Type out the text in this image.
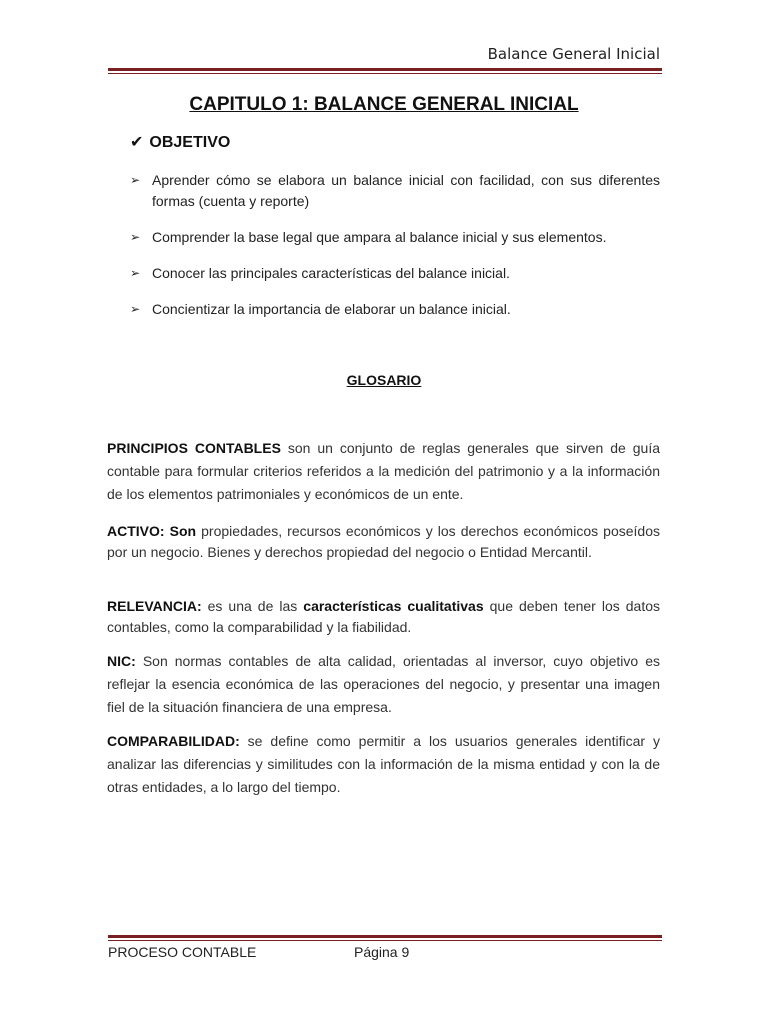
Balance General Inicial
CAPITULO 1: BALANCE GENERAL INICIAL
✔ OBJETIVO
➢ Aprender cómo se elabora un balance inicial con facilidad, con sus diferentes formas (cuenta y reporte)
➢ Comprender la base legal que ampara al balance inicial y sus elementos.
➢ Conocer las principales características del balance inicial.
➢ Concientizar la importancia de elaborar un balance inicial.
GLOSARIO

PRINCIPIOS CONTABLES son un conjunto de reglas generales que sirven de guía contable para formular criterios referidos a la medición del patrimonio y a la información de los elementos patrimoniales y económicos de un ente.

ACTIVO: Son propiedades, recursos económicos y los derechos económicos poseídos por un negocio. Bienes y derechos propiedad del negocio o Entidad Mercantil.

RELEVANCIA: es una de las características cualitativas que deben tener los datos contables, como la comparabilidad y la fiabilidad.

NIC: Son normas contables de alta calidad, orientadas al inversor, cuyo objetivo es reflejar la esencia económica de las operaciones del negocio, y presentar una imagen fiel de la situación financiera de una empresa.

COMPARABILIDAD: se define como permitir a los usuarios generales identificar y analizar las diferencias y similitudes con la información de la misma entidad y con la de otras entidades, a lo largo del tiempo.

PROCESO CONTABLE	Página 9
